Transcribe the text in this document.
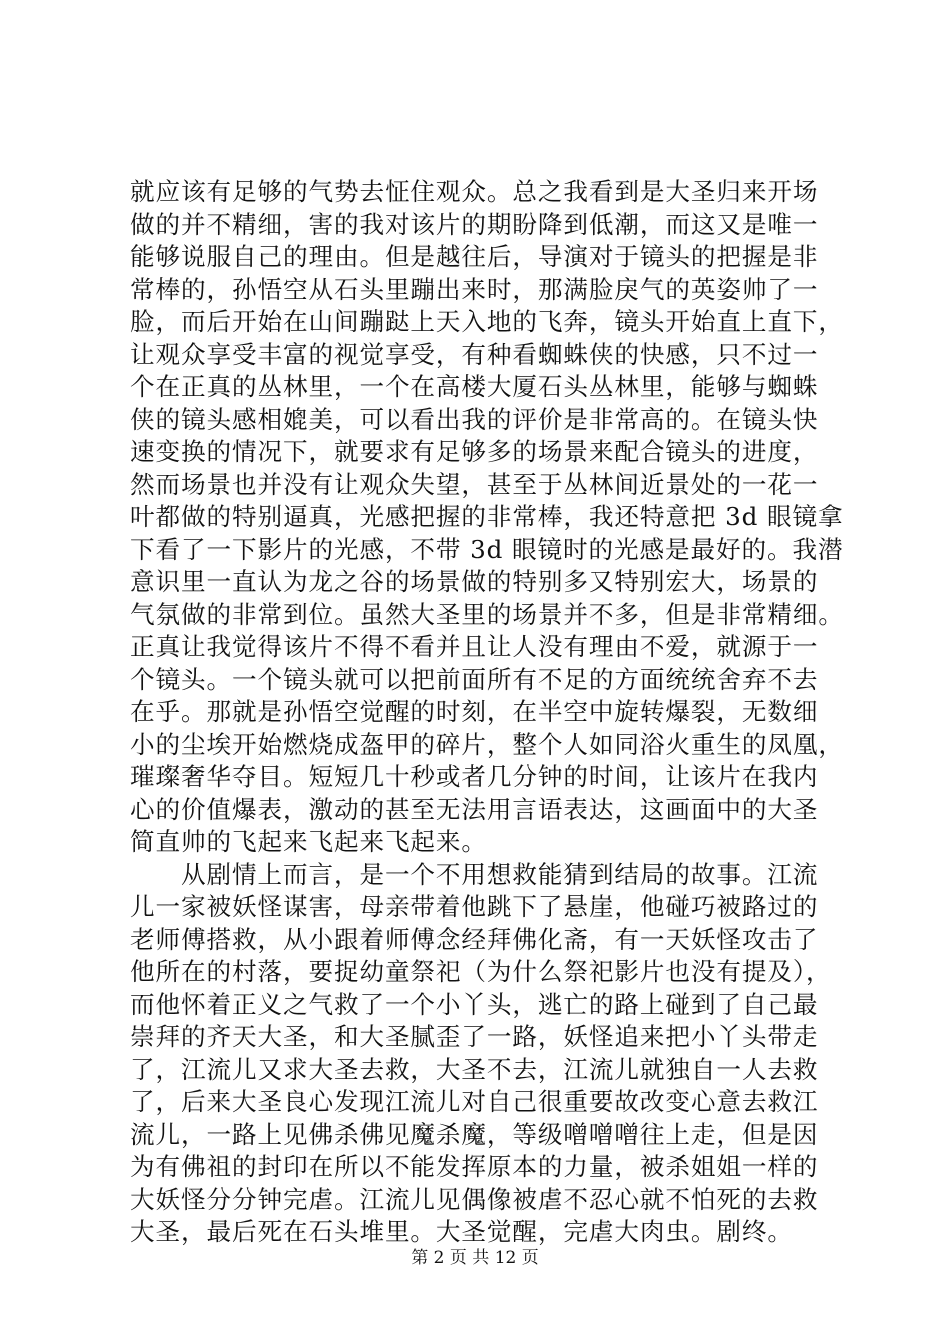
就应该有足够的气势去怔住观众。总之我看到是大圣归来开场
做的并不精细，害的我对该片的期盼降到低潮，而这又是唯一
能够说服自己的理由。但是越往后，导演对于镜头的把握是非
常棒的，孙悟空从石头里蹦出来时，那满脸戾气的英姿帅了一
脸，而后开始在山间蹦跶上天入地的飞奔，镜头开始直上直下，
让观众享受丰富的视觉享受，有种看蜘蛛侠的快感，只不过一
个在正真的丛林里，一个在高楼大厦石头丛林里，能够与蜘蛛
侠的镜头感相媲美，可以看出我的评价是非常高的。在镜头快
速变换的情况下，就要求有足够多的场景来配合镜头的进度，
然而场景也并没有让观众失望，甚至于丛林间近景处的一花一
叶都做的特别逼真，光感把握的非常棒，我还特意把 3d 眼镜拿
下看了一下影片的光感，不带 3d 眼镜时的光感是最好的。我潜
意识里一直认为龙之谷的场景做的特别多又特别宏大，场景的
气氛做的非常到位。虽然大圣里的场景并不多，但是非常精细。
正真让我觉得该片不得不看并且让人没有理由不爱，就源于一
个镜头。一个镜头就可以把前面所有不足的方面统统舍弃不去
在乎。那就是孙悟空觉醒的时刻，在半空中旋转爆裂，无数细
小的尘埃开始燃烧成盔甲的碎片，整个人如同浴火重生的凤凰，
璀璨奢华夺目。短短几十秒或者几分钟的时间，让该片在我内
心的价值爆表，激动的甚至无法用言语表达，这画面中的大圣
简直帅的飞起来飞起来飞起来。
　　从剧情上而言，是一个不用想救能猜到结局的故事。江流
儿一家被妖怪谋害，母亲带着他跳下了悬崖，他碰巧被路过的
老师傅搭救，从小跟着师傅念经拜佛化斋，有一天妖怪攻击了
他所在的村落，要捉幼童祭祀（为什么祭祀影片也没有提及），
而他怀着正义之气救了一个小丫头，逃亡的路上碰到了自己最
崇拜的齐天大圣，和大圣腻歪了一路，妖怪追来把小丫头带走
了，江流儿又求大圣去救，大圣不去，江流儿就独自一人去救
了，后来大圣良心发现江流儿对自己很重要故改变心意去救江
流儿，一路上见佛杀佛见魔杀魔，等级噌噌噌往上走，但是因
为有佛祖的封印在所以不能发挥原本的力量，被杀姐姐一样的
大妖怪分分钟完虐。江流儿见偶像被虐不忍心就不怕死的去救
大圣，最后死在石头堆里。大圣觉醒，完虐大肉虫。剧终。
第 2 页 共 12 页
